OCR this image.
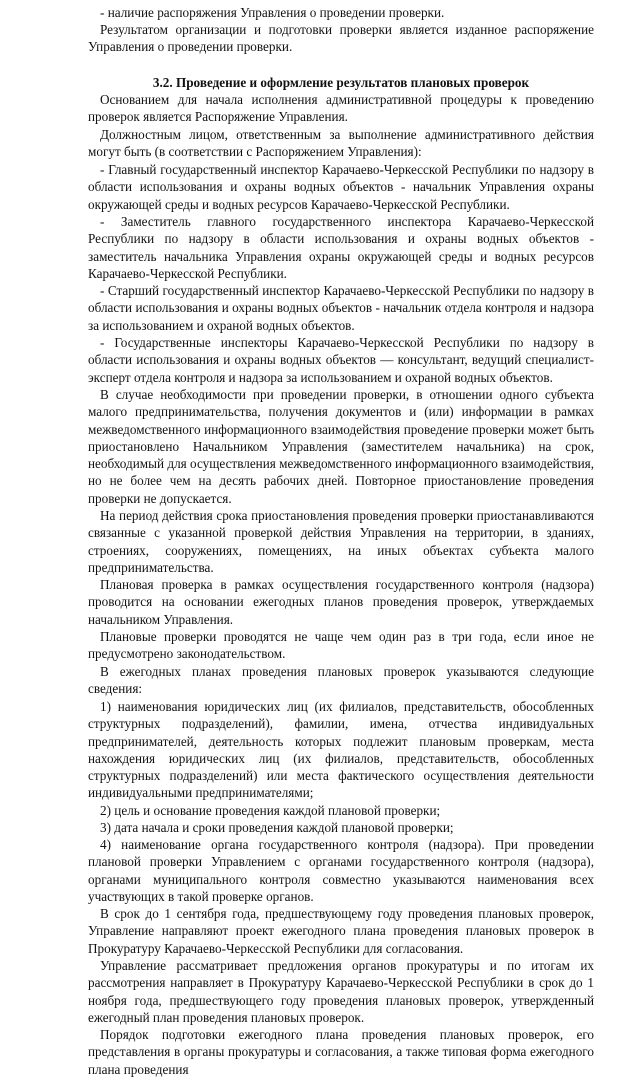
- наличие распоряжения Управления о проведении проверки.

Результатом организации и подготовки проверки является изданное распоряжение Управления о проведении проверки.

3.2. Проведение и оформление результатов плановых проверок

Основанием для начала исполнения административной процедуры к проведению проверок является Распоряжение Управления.

Должностным лицом, ответственным за выполнение административного действия могут быть (в соответствии с Распоряжением Управления):

- Главный государственный инспектор Карачаево-Черкесской Республики по надзору в области использования и охраны водных объектов - начальник Управления охраны окружающей среды и водных ресурсов Карачаево-Черкесской Республики.

- Заместитель главного государственного инспектора Карачаево-Черкесской Республики по надзору в области использования и охраны водных объектов - заместитель начальника Управления охраны окружающей среды и водных ресурсов Карачаево-Черкесской Республики.

- Старший государственный инспектор Карачаево-Черкесской Республики по надзору в области использования и охраны водных объектов - начальник отдела контроля и надзора за использованием и охраной водных объектов.

- Государственные инспекторы Карачаево-Черкесской Республики по надзору в области использования и охраны водных объектов — консультант, ведущий специалист-эксперт отдела контроля и надзора за использованием и охраной водных объектов.

В случае необходимости при проведении проверки, в отношении одного субъекта малого предпринимательства, получения документов и (или) информации в рамках межведомственного информационного взаимодействия проведение проверки может быть приостановлено Начальником Управления (заместителем начальника) на срок, необходимый для осуществления межведомственного информационного взаимодействия, но не более чем на десять рабочих дней. Повторное приостановление проведения проверки не допускается.

На период действия срока приостановления проведения проверки приостанавливаются связанные с указанной проверкой действия Управления на территории, в зданиях, строениях, сооружениях, помещениях, на иных объектах субъекта малого предпринимательства.

Плановая проверка в рамках осуществления государственного контроля (надзора) проводится на основании ежегодных планов проведения проверок, утверждаемых начальником Управления.

Плановые проверки проводятся не чаще чем один раз в три года, если иное не предусмотрено законодательством.

В ежегодных планах проведения плановых проверок указываются следующие сведения:

1) наименования юридических лиц (их филиалов, представительств, обособленных структурных подразделений), фамилии, имена, отчества индивидуальных предпринимателей, деятельность которых подлежит плановым проверкам, места нахождения юридических лиц (их филиалов, представительств, обособленных структурных подразделений) или места фактического осуществления деятельности индивидуальными предпринимателями;

2) цель и основание проведения каждой плановой проверки;

3) дата начала и сроки проведения каждой плановой проверки;

4) наименование органа государственного контроля (надзора). При проведении плановой проверки Управлением с органами государственного контроля (надзора), органами муниципального контроля совместно указываются наименования всех участвующих в такой проверке органов.

В срок до 1 сентября года, предшествующему году проведения плановых проверок, Управление направляют проект ежегодного плана проведения плановых проверок в Прокуратуру Карачаево-Черкесской Республики для согласования.

Управление рассматривает предложения органов прокуратуры и по итогам их рассмотрения направляет в Прокуратуру Карачаево-Черкесской Республики в срок до 1 ноября года, предшествующего году проведения плановых проверок, утвержденный ежегодный план проведения плановых проверок.

Порядок подготовки ежегодного плана проведения плановых проверок, его представления в органы прокуратуры и согласования, а также типовая форма ежегодного плана проведения
